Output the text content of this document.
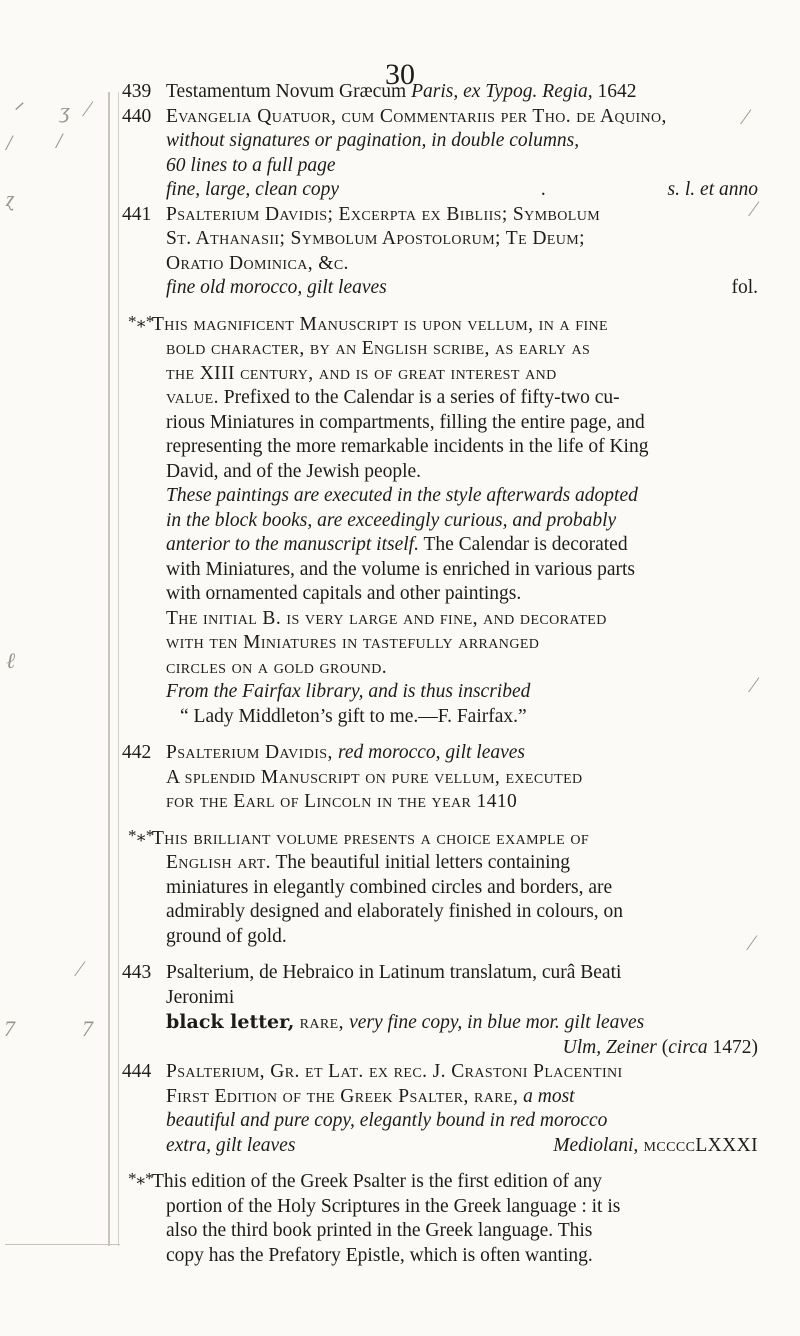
30
ᐟ ʒ ⁄
/ /
ɀ
ℓ
⁄
7	7
⁄
⁄
⁄
⁄
439 Testamentum Novum Græcum Paris, ex Typog. Regia, 1642
440 Evangelia Quatuor, cum Commentariis per Tho. de Aquino,
without signatures or pagination, in double columns,
60 lines to a full page
fine, large, clean copy	.	s. l. et anno
441 Psalterium Davidis; Excerpta ex Bibliis; Symbolum
St. Athanasii; Symbolum Apostolorum; Te Deum;
Oratio Dominica, &c.
fine old morocco, gilt leaves	fol.
*⁎*
This magnificent Manuscript is upon vellum, in a fine
bold character, by an English scribe, as early as
the XIII century, and is of great interest and
value. Prefixed to the Calendar is a series of fifty-two cu-
rious Miniatures in compartments, filling the entire page, and
representing the more remarkable incidents in the life of King
David, and of the Jewish people.
These paintings are executed in the style afterwards adopted
in the block books, are exceedingly curious, and probably
anterior to the manuscript itself. The Calendar is decorated
with Miniatures, and the volume is enriched in various parts
with ornamented capitals and other paintings.
The initial B. is very large and fine, and decorated
with ten Miniatures in tastefully arranged
circles on a gold ground.
From the Fairfax library, and is thus inscribed
“ Lady Middleton’s gift to me.—F. Fairfax.”
442 Psalterium Davidis, red morocco, gilt leaves
A splendid Manuscript on pure vellum, executed
for the Earl of Lincoln in the year 1410
*⁎*
This brilliant volume presents a choice example of
English art. The beautiful initial letters containing
miniatures in elegantly combined circles and borders, are
admirably designed and elaborately finished in colours, on
ground of gold.
443 Psalterium, de Hebraico in Latinum translatum, curâ Beati
Jeronimi
black letter, rare, very fine copy, in blue mor. gilt leaves
Ulm, Zeiner (circa 1472)
444 Psalterium, Gr. et Lat. ex rec. J. Crastoni Placentini
First Edition of the Greek Psalter, rare, a most
beautiful and pure copy, elegantly bound in red morocco
extra, gilt leaves	Mediolani, mccccLXXXI
*⁎*
This edition of the Greek Psalter is the first edition of any
portion of the Holy Scriptures in the Greek language : it is
also the third book printed in the Greek language. This
copy has the Prefatory Epistle, which is often wanting.
